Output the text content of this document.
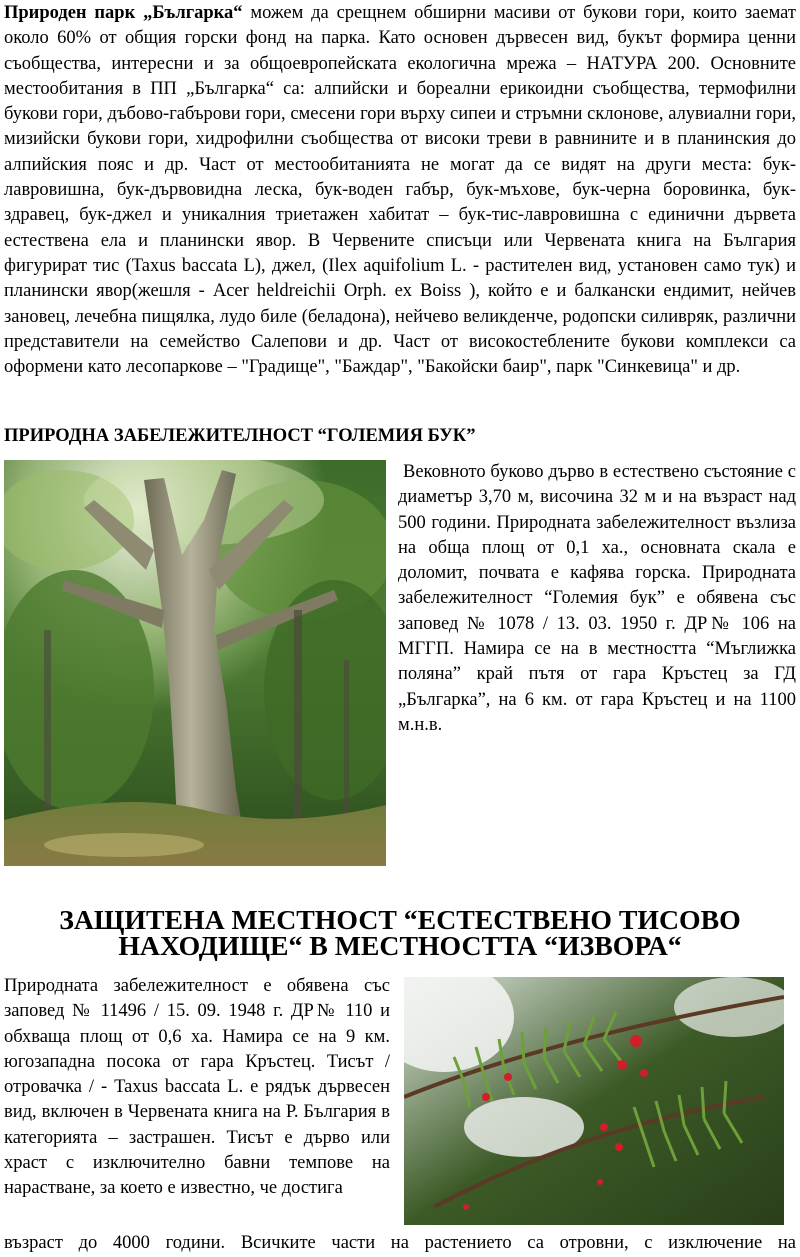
Природен парк „Българка“ можем да срещнем обширни масиви от букови гори, които заемат около 60% от общия горски фонд на парка. Като основен дървесен вид, букът формира ценни съобщества, интересни и за общоевропейската екологична мрежа – НАТУРА 200. Основните местообитания в ПП „Българка“ са: алпийски и бореални ерикоидни съобщества, термофилни букови гори, дъбово-габърови гори, смесени гори върху сипеи и стръмни склонове, алувиални гори, мизийски букови гори, хидрофилни съобщества от високи треви в равнините и в планинския до алпийския пояс и др. Част от местообитанията не могат да се видят на други места: бук-лавровишна, бук-дървовидна леска, бук-воден габър, бук-мъхове, бук-черна боровинка, бук-здравец, бук-джел и уникалния триетажен хабитат – бук-тис-лавровишна с единични дървета естествена ела и планински явор. В Червените списъци или Червената книга на България фигурират тис (Taxus baccata L), джел, (Ilex aquifolium L. - растителен вид, установен само тук) и планински явор(жешля - Acer heldreichii Orph. ex Boiss ), който е и балкански ендимит, нейчев зановец, лечебна пищялка, лудо биле (беладона), нейчево великденче, родопски силивряк, различни представители на семейство Салепови и др. Част от високостеблените букови комплекси са оформени като лесопаркове – "Градище", "Баждар", "Бакойски баир", парк "Синкевица" и др.

ПРИРОДНА ЗАБЕЛЕЖИТЕЛНОСТ “ГОЛЕМИЯ БУК”

Вековното буково дърво в естествено състояние с диаметър 3,70 м, височина 32 м и на възраст над 500 години. Природната забележителност възлиза на обща площ от 0,1 ха., основната скала е доломит, почвата е кафява горска. Природната забележителност “Големия бук” е обявена със заповед № 1078 / 13. 03. 1950 г. ДР№ 106 на МГГП. Намира се на в местността “Мъглижка поляна” край пътя от гара Кръстец за ГД „Българка”, на 6 км. от гара Кръстец и на 1100 м.н.в.

ЗАЩИТЕНА МЕСТНОСТ “ЕСТЕСТВЕНО ТИСОВО НАХОДИЩЕ“ В МЕСТНОСТТА “ИЗВОРА“

Природната забележителност е обявена със заповед № 11496 / 15. 09. 1948 г. ДР№ 110 и обхваща площ от 0,6 ха. Намира се на 9 км. югозападна посока от гара Кръстец. Тисът /отровачка / - Taxus baccata L. е рядък дървесен вид, включен в Червената книга на Р. България в категорията – застрашен. Тисът е дърво или храст с изключително бавни темпове на нарастване, за което е известно, че достига

възраст до 4000 години. Всичките части на растението са отровни, с изключение на
